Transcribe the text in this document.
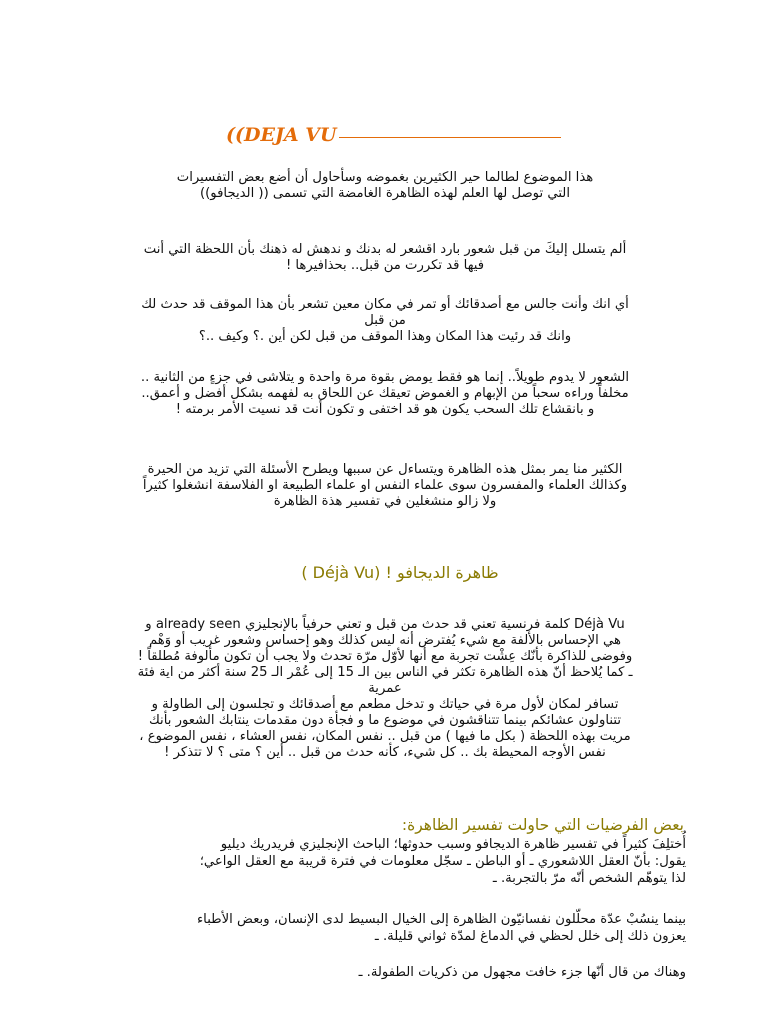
((DEJA VU

هذا الموضوع لطالما حير الكثيرين بغموضه وسأحاول أن أضع بعض التفسيرات

التي توصل لها العلم لهذه الظاهرة الغامضة التي تسمى (( الديجافو))

ألم يتسلل إليكَ من قبل شعور بارد اقشعر له بدنك و ندهش له ذهنك بأن اللحظة التي أنت

فيها قد تكررت من قبل.. بحذافيرها !

أي انك وأنت جالس مع أصدقائك أو تمر في مكان معين تشعر بأن هذا الموقف قد حدث لك

من قبل

وانك قد رئيت هذا المكان وهذا الموقف من قبل لكن أين .؟ وكيف ..؟

الشعور لا يدوم طويلاً.. إنما هو فقط يومض بقوة مرة واحدة و يتلاشى في جزءٍ من الثانية ..

مخلفاً وراءه سحباً من الإبهام و الغموض تعيقك عن اللحاق به لفهمه بشكل أفضل و أعمق..

و بانقشاع تلك السحب يكون هو قد اختفى و تكون أنت قد نسيت الأمر برمته !

الكثير منا يمر بمثل هذه الظاهرة ويتساءل عن سببها ويطرح الأسئلة التي تزيد من الحيرة

وكذالك العلماء والمفسرون سوى علماء النفس او علماء الطبيعة او الفلاسفة انشغلوا كثيراً

ولا زالو منشغلين في تفسير هذة الظاهرة

ظاهرة الديجافو ! (Déjà Vu )

Déjà Vu كلمة فرنسية تعني قد حدث من قبل و تعني حرفياً بالإنجليزي already seen و

هي الإحساس بالألفة مع شيء يُفترض أنه ليس كذلك وهو إحساس وشعور غريب أو وَهْم

وفوضى للذاكرة بأنّك عِشْت تجربة مع أنها لأوّل مرّة تحدث ولا يجب أن تكون مألوفة مُطلقاً !

ـ كما يُلاحظ أنّ هذه الظاهرة تكثر في الناس بين الـ 15 إلى عُمْر الـ 25 سنة أكثر من اية فئة

عمرية

تسافر لمكان لأول مرة في حياتك و تدخل مطعم مع أصدقائك و تجلسون إلى الطاولة و

تتناولون عشائكم بينما تتناقشون في موضوع ما و فجأة دون مقدمات ينتابك الشعور بأنك

مريت بهذه اللحظة ( بكل ما فيها ) من قبل .. نفس المكان، نفس العشاء ، نفس الموضوع ،

نفس الأوجه المحيطة بك .. كل شيء، كأنه حدث من قبل .. أين ؟ متى ؟ لا تتذكر !

بعض الفرضيات التي حاولت تفسير الظاهرة:

أُختلِفَ كثيراً في تفسير ظاهرة الديجافو وسبب حدوثها؛ الباحث الإنجليزي فريدريك ديليو

يقول: بأنّ العقل اللاشعوري ـ أو الباطن ـ سجّل معلومات في فترة قريبة مع العقل الواعي؛

لذا يتوهّم الشخص أنّه مرّ بالتجربة. ـ

بينما ينسُبْ عدّة محلّلون نفسانيّون الظاهرة إلى الخيال البسيط لدى الإنسان، وبعض الأطباء

يعزون ذلك إلى خلل لحظي في الدماغ لمدّة ثواني قليلة. ـ

وهناك من قال أنّها جزء خافت مجهول من ذكريات الطفولة. ـ
